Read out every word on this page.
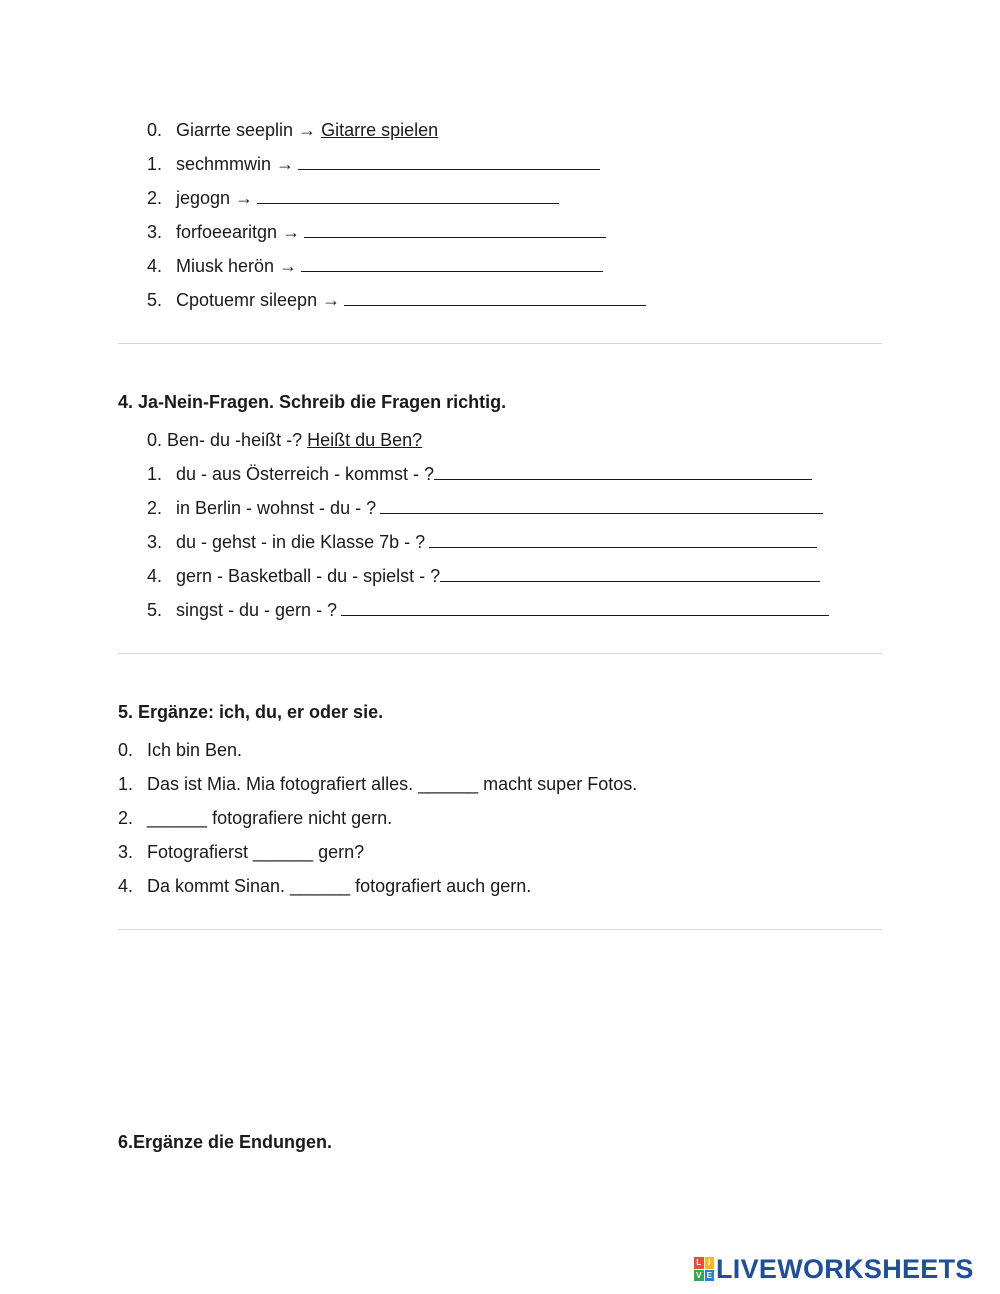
0. Giarrte seeplin → Gitarre spielen
1. sechmmwin →
2. jegogn →
3. forfoeearitgn →
4. Miusk herön →
5. Cpotuemr sileepn →
4. Ja-Nein-Fragen. Schreib die Fragen richtig.
0. Ben- du -heißt -? Heißt du Ben?
1. du - aus Österreich - kommst - ?
2. in Berlin - wohnst - du - ?
3. du - gehst - in die Klasse 7b - ?
4. gern - Basketball - du - spielst - ?
5. singst - du - gern - ?
5. Ergänze: ich, du, er oder sie.
0. Ich bin Ben.
1. Das ist Mia. Mia fotografiert alles. ______ macht super Fotos.
2. ______ fotografiere nicht gern.
3. Fotografierst ______ gern?
4. Da kommt Sinan. ______ fotografiert auch gern.
6.Ergänze die Endungen.
L I
V E LIVEWORKSHEETS
